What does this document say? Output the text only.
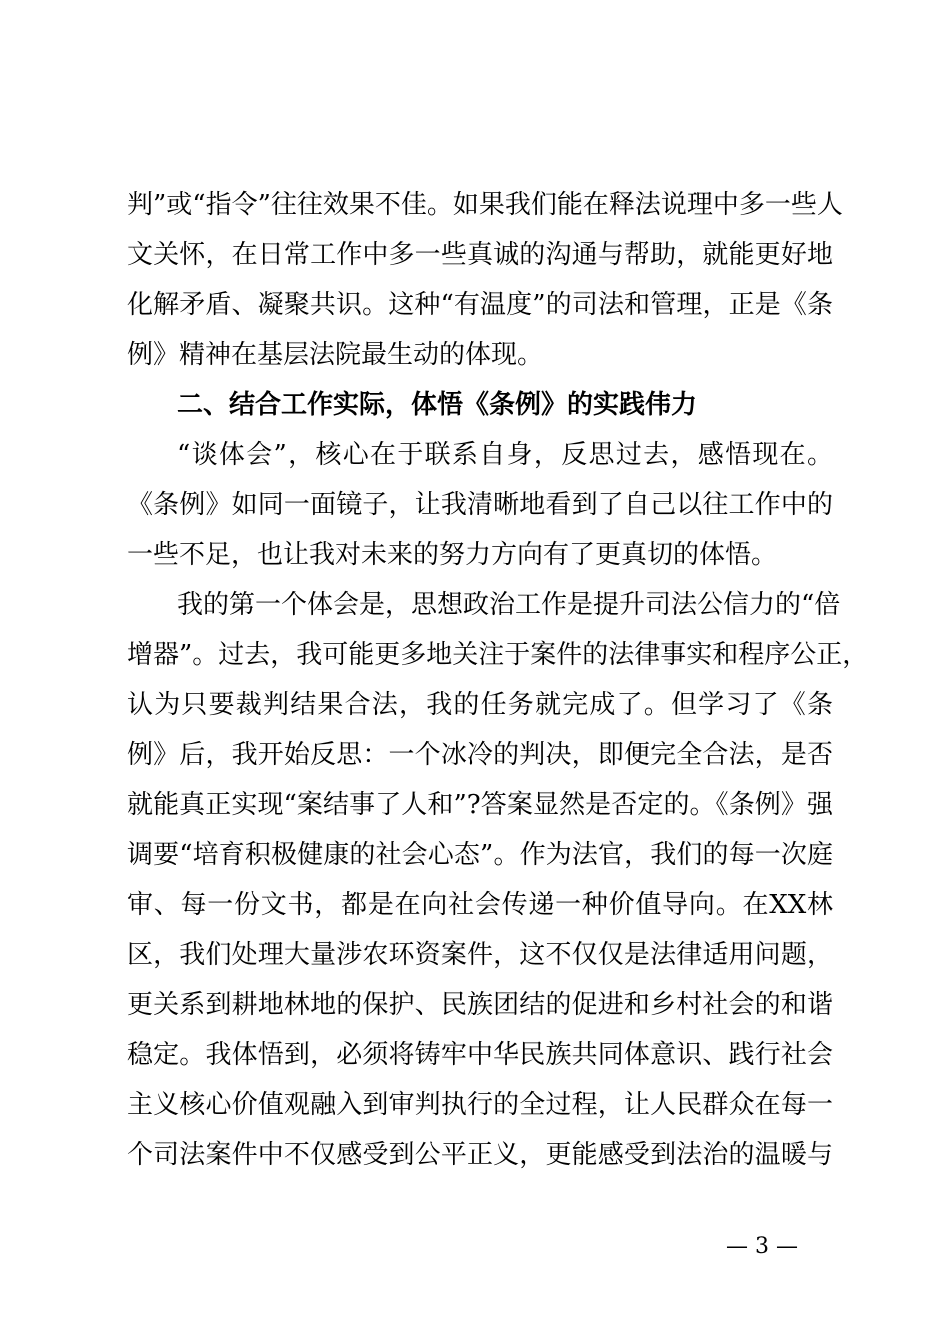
判”或“指令”往往效果不佳。如果我们能在释法说理中多一些人
文关怀，在日常工作中多一些真诚的沟通与帮助，就能更好地
化解矛盾、凝聚共识。这种“有温度”的司法和管理，正是《条
例》精神在基层法院最生动的体现。
二、结合工作实际，体悟《条例》的实践伟力
“谈体会”，核心在于联系自身，反思过去，感悟现在。
《条例》如同一面镜子，让我清晰地看到了自己以往工作中的
一些不足，也让我对未来的努力方向有了更真切的体悟。
我的第一个体会是，思想政治工作是提升司法公信力的“倍
增器”。过去，我可能更多地关注于案件的法律事实和程序公正，
认为只要裁判结果合法，我的任务就完成了。但学习了《条
例》后，我开始反思：一个冰冷的判决，即便完全合法，是否
就能真正实现“案结事了人和”?答案显然是否定的。《条例》强
调要“培育积极健康的社会心态”。作为法官，我们的每一次庭
审、每一份文书，都是在向社会传递一种价值导向。在XX林
区，我们处理大量涉农环资案件，这不仅仅是法律适用问题，
更关系到耕地林地的保护、民族团结的促进和乡村社会的和谐
稳定。我体悟到，必须将铸牢中华民族共同体意识、践行社会
主义核心价值观融入到审判执行的全过程，让人民群众在每一
个司法案件中不仅感受到公平正义，更能感受到法治的温暖与
— 3 —
